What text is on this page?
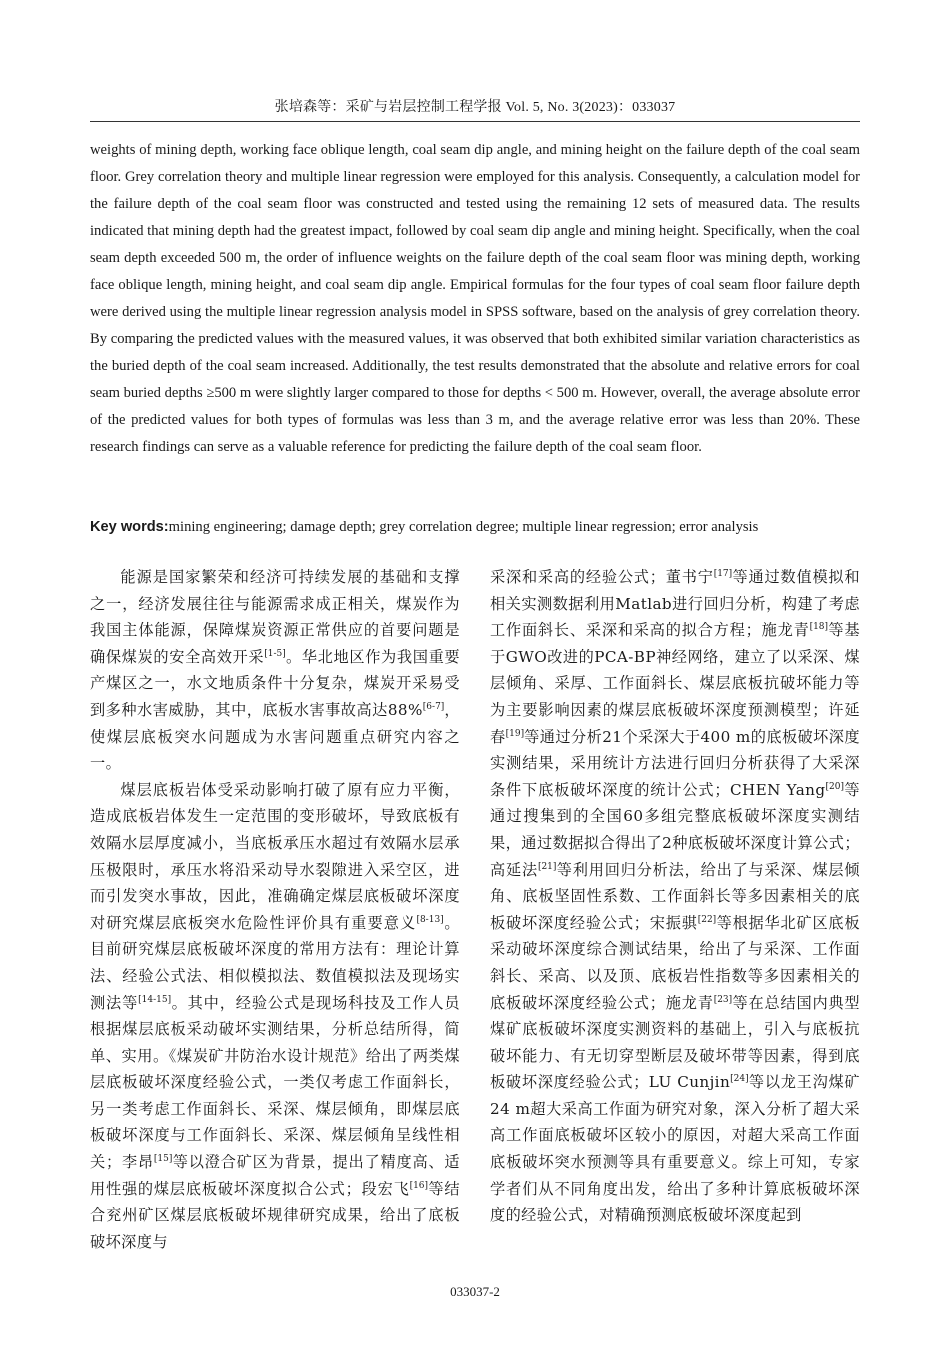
张培森等：采矿与岩层控制工程学报 Vol. 5, No. 3(2023)：033037

weights of mining depth, working face oblique length, coal seam dip angle, and mining height on the failure depth of the coal seam floor. Grey correlation theory and multiple linear regression were employed for this analysis. Consequently, a calculation model for the failure depth of the coal seam floor was constructed and tested using the remaining 12 sets of measured data. The results indicated that mining depth had the greatest impact, followed by coal seam dip angle and mining height. Specifically, when the coal seam depth exceeded 500 m, the order of influence weights on the failure depth of the coal seam floor was mining depth, working face oblique length, mining height, and coal seam dip angle. Empirical formulas for the four types of coal seam floor failure depth were derived using the multiple linear regression analysis model in SPSS software, based on the analysis of grey correlation theory. By comparing the predicted values with the measured values, it was observed that both exhibited similar variation characteristics as the buried depth of the coal seam increased. Additionally, the test results demonstrated that the absolute and relative errors for coal seam buried depths ≥500 m were slightly larger compared to those for depths < 500 m. However, overall, the average absolute error of the predicted values for both types of formulas was less than 3 m, and the average relative error was less than 20%. These research findings can serve as a valuable reference for predicting the failure depth of the coal seam floor.

Key words:mining engineering; damage depth; grey correlation degree; multiple linear regression; error analysis

能源是国家繁荣和经济可持续发展的基础和支撑之一，经济发展往往与能源需求成正相关，煤炭作为我国主体能源，保障煤炭资源正常供应的首要问题是确保煤炭的安全高效开采[1-5]。华北地区作为我国重要产煤区之一，水文地质条件十分复杂，煤炭开采易受到多种水害威胁，其中，底板水害事故高达88%[6-7]，使煤层底板突水问题成为水害问题重点研究内容之一。

煤层底板岩体受采动影响打破了原有应力平衡，造成底板岩体发生一定范围的变形破坏，导致底板有效隔水层厚度减小，当底板承压水超过有效隔水层承压极限时，承压水将沿采动导水裂隙进入采空区，进而引发突水事故，因此，准确确定煤层底板破坏深度对研究煤层底板突水危险性评价具有重要意义[8-13]。目前研究煤层底板破坏深度的常用方法有：理论计算法、经验公式法、相似模拟法、数值模拟法及现场实测法等[14-15]。其中，经验公式是现场科技及工作人员根据煤层底板采动破坏实测结果，分析总结所得，简单、实用。《煤炭矿井防治水设计规范》给出了两类煤层底板破坏深度经验公式，一类仅考虑工作面斜长，另一类考虑工作面斜长、采深、煤层倾角，即煤层底板破坏深度与工作面斜长、采深、煤层倾角呈线性相关；李昂[15]等以澄合矿区为背景，提出了精度高、适用性强的煤层底板破坏深度拟合公式；段宏飞[16]等结合兖州矿区煤层底板破坏规律研究成果，给出了底板破坏深度与

采深和采高的经验公式；董书宁[17]等通过数值模拟和相关实测数据利用Matlab进行回归分析，构建了考虑工作面斜长、采深和采高的拟合方程；施龙青[18]等基于GWO改进的PCA-BP神经网络，建立了以采深、煤层倾角、采厚、工作面斜长、煤层底板抗破坏能力等为主要影响因素的煤层底板破坏深度预测模型；许延春[19]等通过分析21个采深大于400 m的底板破坏深度实测结果，采用统计方法进行回归分析获得了大采深条件下底板破坏深度的统计公式；CHEN Yang[20]等通过搜集到的全国60多组完整底板破坏深度实测结果，通过数据拟合得出了2种底板破坏深度计算公式；高延法[21]等利用回归分析法，给出了与采深、煤层倾角、底板坚固性系数、工作面斜长等多因素相关的底板破坏深度经验公式；宋振骐[22]等根据华北矿区底板采动破坏深度综合测试结果，给出了与采深、工作面斜长、采高、以及顶、底板岩性指数等多因素相关的底板破坏深度经验公式；施龙青[23]等在总结国内典型煤矿底板破坏深度实测资料的基础上，引入与底板抗破坏能力、有无切穿型断层及破坏带等因素，得到底板破坏深度经验公式；LU Cunjin[24]等以龙王沟煤矿24 m超大采高工作面为研究对象，深入分析了超大采高工作面底板破坏区较小的原因，对超大采高工作面底板破坏突水预测等具有重要意义。综上可知，专家学者们从不同角度出发，给出了多种计算底板破坏深度的经验公式，对精确预测底板破坏深度起到

033037-2
